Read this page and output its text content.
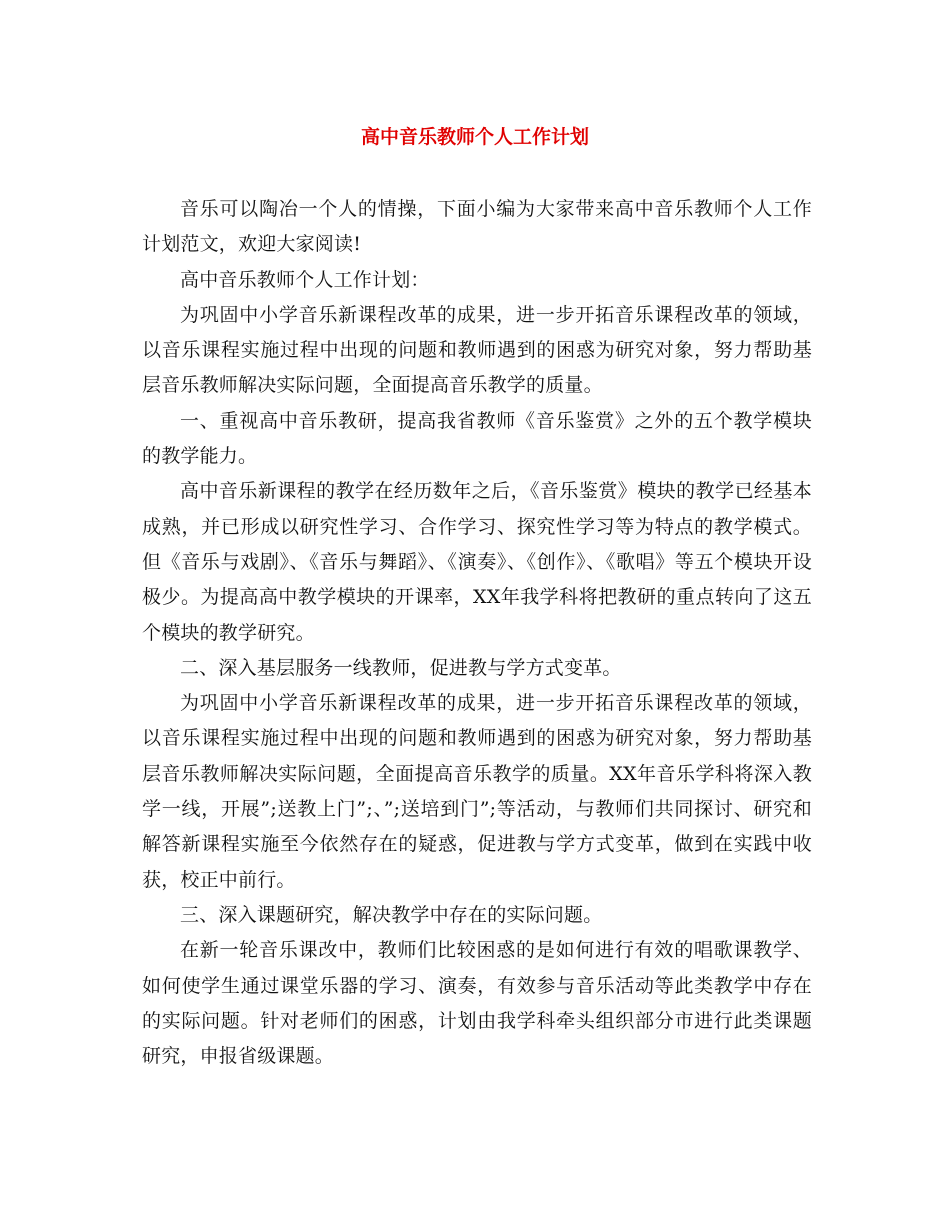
高中音乐教师个人工作计划

音乐可以陶冶一个人的情操，下面小编为大家带来高中音乐教师个人工作计划范文，欢迎大家阅读!

高中音乐教师个人工作计划：

为巩固中小学音乐新课程改革的成果，进一步开拓音乐课程改革的领域，以音乐课程实施过程中出现的问题和教师遇到的困惑为研究对象，努力帮助基层音乐教师解决实际问题，全面提高音乐教学的质量。

一、重视高中音乐教研，提高我省教师《音乐鉴赏》之外的五个教学模块的教学能力。

高中音乐新课程的教学在经历数年之后，《音乐鉴赏》模块的教学已经基本成熟，并已形成以研究性学习、合作学习、探究性学习等为特点的教学模式。但《音乐与戏剧》、《音乐与舞蹈》、《演奏》、《创作》、《歌唱》等五个模块开设极少。为提高高中教学模块的开课率，XX年我学科将把教研的重点转向了这五个模块的教学研究。

二、深入基层服务一线教师，促进教与学方式变革。

为巩固中小学音乐新课程改革的成果，进一步开拓音乐课程改革的领域，以音乐课程实施过程中出现的问题和教师遇到的困惑为研究对象，努力帮助基层音乐教师解决实际问题，全面提高音乐教学的质量。XX年音乐学科将深入教学一线，开展”;送教上门”;、”;送培到门”;等活动，与教师们共同探讨、研究和解答新课程实施至今依然存在的疑惑，促进教与学方式变革，做到在实践中收获，校正中前行。

三、深入课题研究，解决教学中存在的实际问题。

在新一轮音乐课改中，教师们比较困惑的是如何进行有效的唱歌课教学、如何使学生通过课堂乐器的学习、演奏，有效参与音乐活动等此类教学中存在的实际问题。针对老师们的困惑，计划由我学科牵头组织部分市进行此类课题研究，申报省级课题。
